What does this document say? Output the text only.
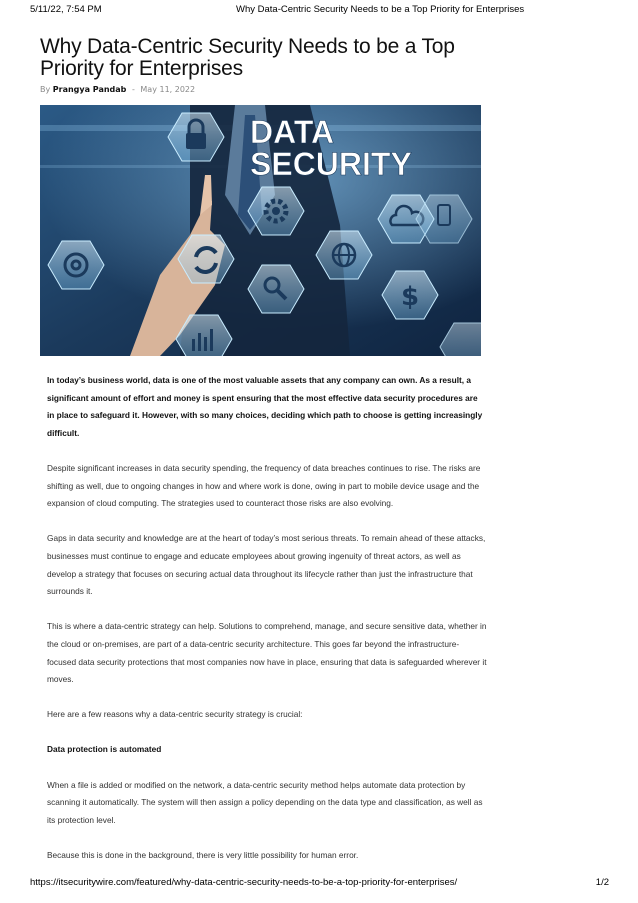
5/11/22, 7:54 PM	Why Data-Centric Security Needs to be a Top Priority for Enterprises
Why Data-Centric Security Needs to be a Top Priority for Enterprises
By Prangya Pandab - May 11, 2022
$
DATA
SECURITY

In today’s business world, data is one of the most valuable assets that any company can own. As a result, a significant amount of effort and money is spent ensuring that the most effective data security procedures are in place to safeguard it. However, with so many choices, deciding which path to choose is getting increasingly difficult.

Despite significant increases in data security spending, the frequency of data breaches continues to rise. The risks are shifting as well, due to ongoing changes in how and where work is done, owing in part to mobile device usage and the expansion of cloud computing. The strategies used to counteract those risks are also evolving.

Gaps in data security and knowledge are at the heart of today’s most serious threats. To remain ahead of these attacks, businesses must continue to engage and educate employees about growing ingenuity of threat actors, as well as develop a strategy that focuses on securing actual data throughout its lifecycle rather than just the infrastructure that surrounds it.

This is where a data-centric strategy can help. Solutions to comprehend, manage, and secure sensitive data, whether in the cloud or on-premises, are part of a data-centric security architecture. This goes far beyond the infrastructure-focused data security protections that most companies now have in place, ensuring that data is safeguarded wherever it moves.

Here are a few reasons why a data-centric security strategy is crucial:

Data protection is automated

When a file is added or modified on the network, a data-centric security method helps automate data protection by scanning it automatically. The system will then assign a policy depending on the data type and classification, as well as its protection level.

Because this is done in the background, there is very little possibility for human error.

https://itsecuritywire.com/featured/why-data-centric-security-needs-to-be-a-top-priority-for-enterprises/	1/2
